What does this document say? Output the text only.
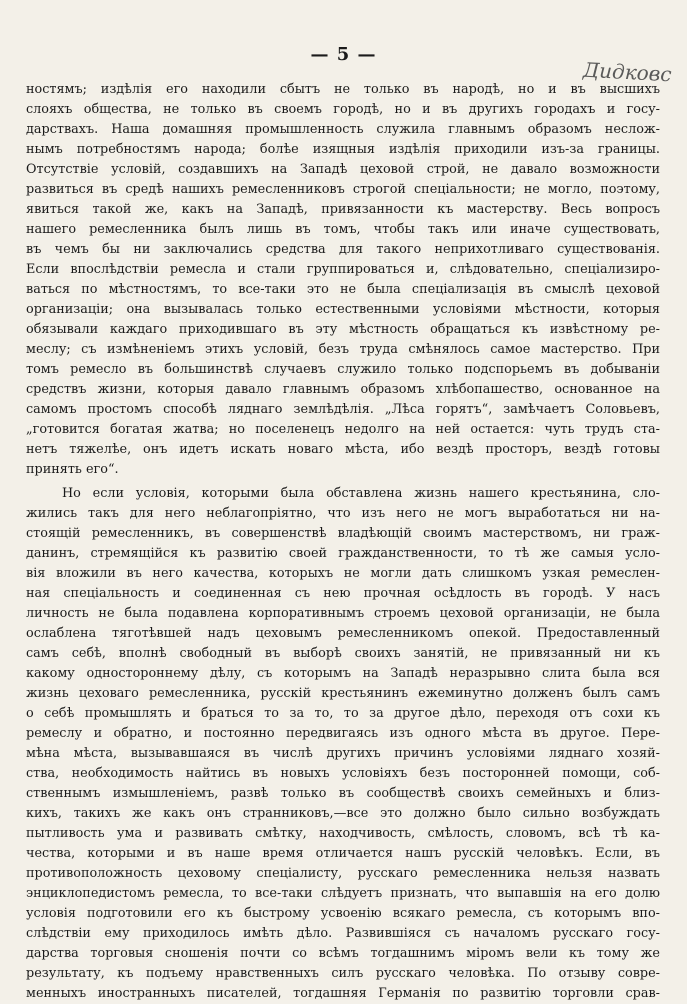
— 5 —
Дидковс
ностямъ; издѣлія его находили сбытъ не только въ народѣ, но и въ высшихъ
слояхъ общества, не только въ своемъ городѣ, но и въ другихъ городахъ и госу-
дарствахъ. Наша домашняя промышленность служила главнымъ образомъ неслож-
нымъ потребностямъ народа; болѣе изящныя издѣлія приходили изъ-за границы.
Отсутствіе условій, создавшихъ на Западѣ цеховой строй, не давало возможности
развиться въ средѣ нашихъ ремесленниковъ строгой спеціальности; не могло, поэтому,
явиться такой же, какъ на Западѣ, привязанности къ мастерству. Весь вопросъ
нашего ремесленника былъ лишь въ томъ, чтобы такъ или иначе существовать,
въ чемъ бы ни заключались средства для такого неприхотливаго существованія.
Если впослѣдствіи ремесла и стали группироваться и, слѣдовательно, спеціализиро-
ваться по мѣстностямъ, то все-таки это не была спеціализація въ смыслѣ цеховой
организаціи; она вызывалась только естественными условіями мѣстности, которыя
обязывали каждаго приходившаго въ эту мѣстность обращаться къ извѣстному ре-
меслу; съ измѣненіемъ этихъ условій, безъ труда смѣнялось самое мастерство. При
томъ ремесло въ большинствѣ случаевъ служило только подспорьемъ въ добываніи
средствъ жизни, которыя давало главнымъ образомъ хлѣбопашество, основанное на
самомъ простомъ способѣ ляднаго землѣдѣлія. „Лѣса горятъ“, замѣчаетъ Соловьевъ,
„готовится богатая жатва; но поселенецъ недолго на ней остается: чуть трудъ ста-
нетъ тяжелѣе, онъ идетъ искать новаго мѣста, ибо вездѣ просторъ, вездѣ готовы
принять его“.
Но если условія, которыми была обставлена жизнь нашего крестьянина, сло-
жились такъ для него неблагопріятно, что изъ него не могъ выработаться ни на-
стоящій ремесленникъ, въ совершенствѣ владѣющій своимъ мастерствомъ, ни граж-
данинъ, стремящійся къ развитію своей гражданственности, то тѣ же самыя усло-
вія вложили въ него качества, которыхъ не могли дать слишкомъ узкая ремеслен-
ная спеціальность и соединенная съ нею прочная осѣдлость въ городѣ. У насъ
личность не была подавлена корпоративнымъ строемъ цеховой организаціи, не была
ослаблена тяготѣвшей надъ цеховымъ ремесленникомъ опекой. Предоставленный
самъ себѣ, вполнѣ свободный въ выборѣ своихъ занятій, не привязанный ни къ
какому одностороннему дѣлу, съ которымъ на Западѣ неразрывно слита была вся
жизнь цеховаго ремесленника, русскій крестьянинъ ежеминутно долженъ былъ самъ
о себѣ промышлять и браться то за то, то за другое дѣло, переходя отъ сохи къ
ремеслу и обратно, и постоянно передвигаясь изъ одного мѣста въ другое. Пере-
мѣна мѣста, вызывавшаяся въ числѣ другихъ причинъ условіями ляднаго хозяй-
ства, необходимость найтись въ новыхъ условіяхъ безъ посторонней помощи, соб-
ственнымъ измышленіемъ, развѣ только въ сообществѣ своихъ семейныхъ и близ-
кихъ, такихъ же какъ онъ странниковъ,—все это должно было сильно возбуждать
пытливость ума и развивать смѣтку, находчивость, смѣлость, словомъ, всѣ тѣ ка-
чества, которыми и въ наше время отличается нашъ русскій человѣкъ. Если, въ
противоположность цеховому спеціалисту, русскаго ремесленника нельзя назвать
энциклопедистомъ ремесла, то все-таки слѣдуетъ признать, что выпавшія на его долю
условія подготовили его къ быстрому усвоенію всякаго ремесла, съ которымъ впо-
слѣдствіи ему приходилось имѣть дѣло. Развившіяся съ началомъ русскаго госу-
дарства торговыя сношенія почти со всѣмъ тогдашнимъ міромъ вели къ тому же
результату, къ подъему нравственныхъ силъ русскаго человѣка. По отзыву совре-
менныхъ иностранныхъ писателей, тогдашняя Германія по развитію торговли срав-
